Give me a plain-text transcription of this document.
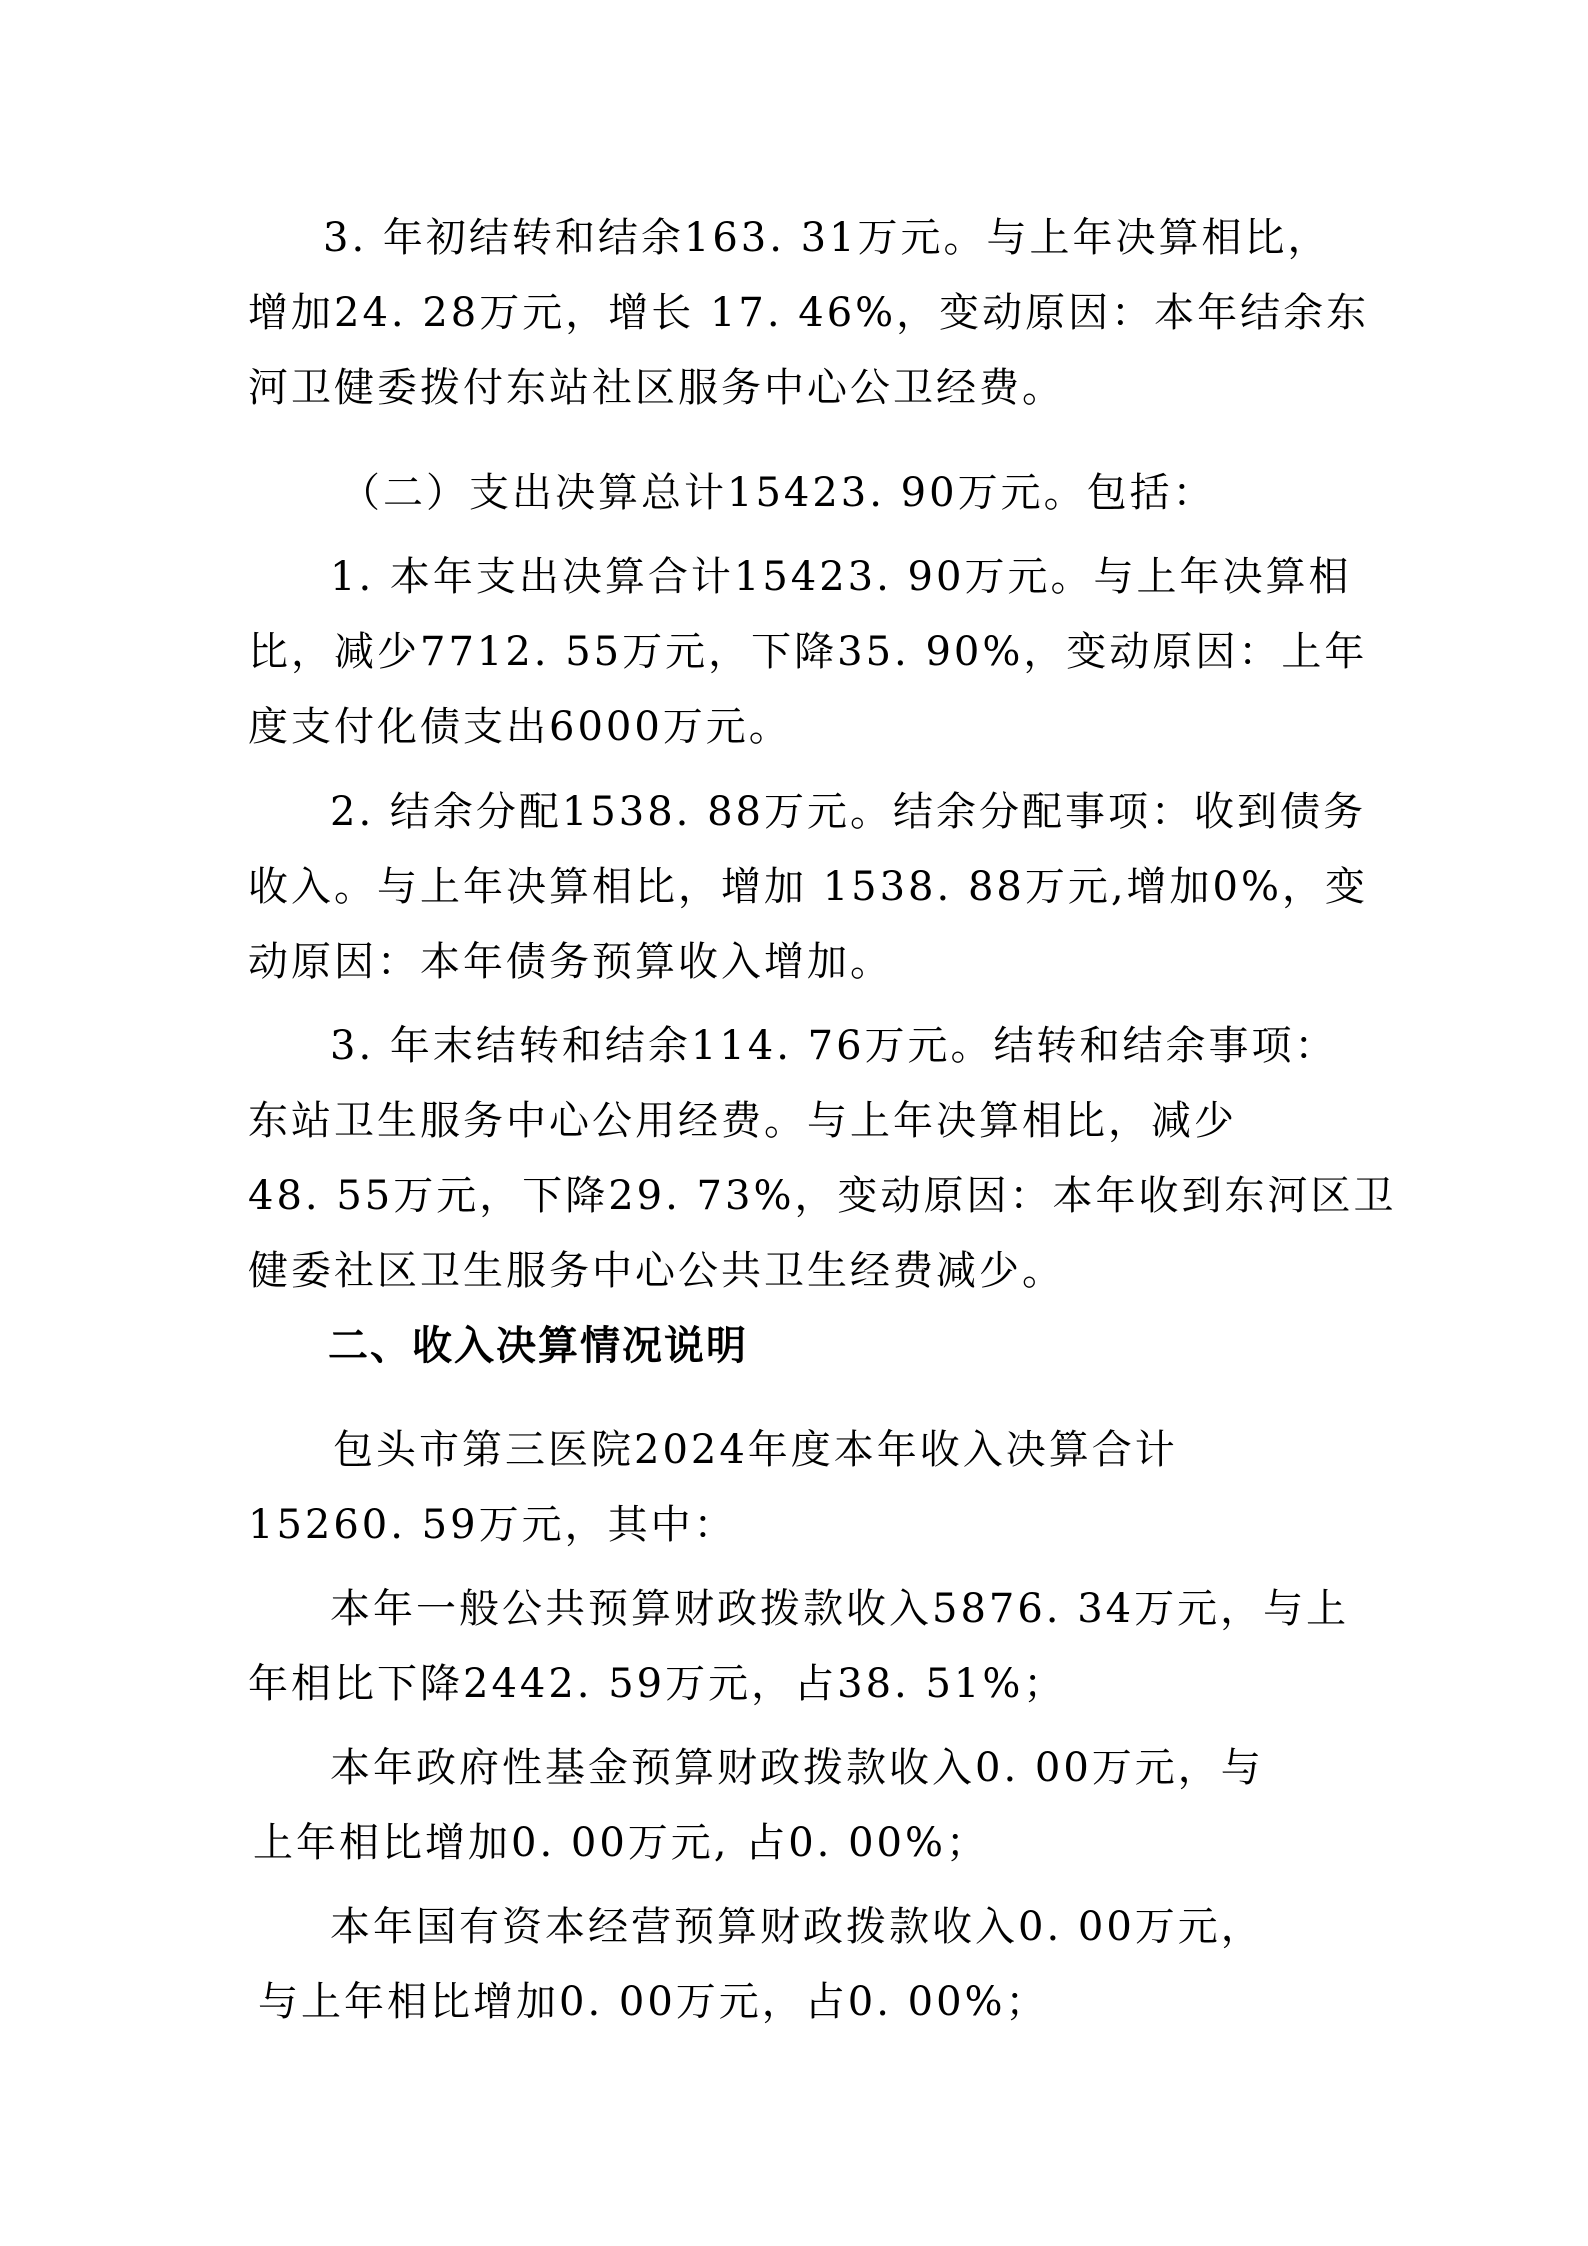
3. 年初结转和结余163. 31万元。与上年决算相比，
增加24. 28万元，增长 17. 46%，变动原因：本年结余东
河卫健委拨付东站社区服务中心公卫经费。
（二）支出决算总计15423. 90万元。包括：
1. 本年支出决算合计15423. 90万元。与上年决算相
比，减少7712. 55万元，下降35. 90%，变动原因：上年
度支付化债支出6000万元。
2. 结余分配1538. 88万元。结余分配事项：收到债务
收入。与上年决算相比，增加 1538. 88万元,增加0%，变
动原因：本年债务预算收入增加。
3. 年末结转和结余114. 76万元。结转和结余事项：
东站卫生服务中心公用经费。与上年决算相比，减少
48. 55万元，下降29. 73%，变动原因：本年收到东河区卫
健委社区卫生服务中心公共卫生经费减少。
二、收入决算情况说明
包头市第三医院2024年度本年收入决算合计
15260. 59万元，其中：
本年一般公共预算财政拨款收入5876. 34万元，与上
年相比下降2442. 59万元，占38. 51%；
本年政府性基金预算财政拨款收入0. 00万元，与
上年相比增加0. 00万元, 占0. 00%；
本年国有资本经营预算财政拨款收入0. 00万元，
与上年相比增加0. 00万元，占0. 00%；
